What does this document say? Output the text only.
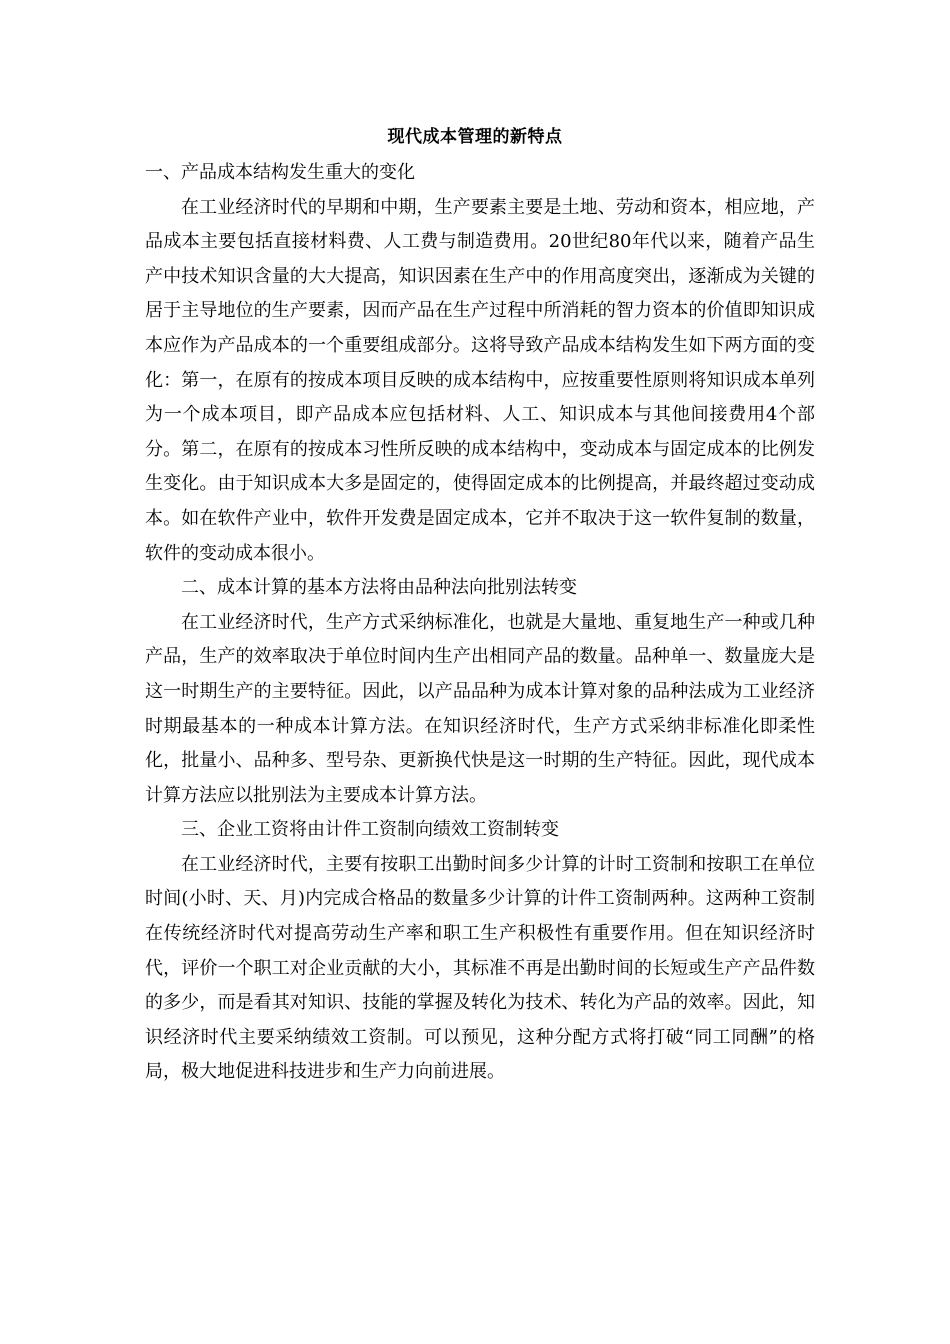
现代成本管理的新特点

一、产品成本结构发生重大的变化

在工业经济时代的早期和中期，生产要素主要是土地、劳动和资本，相应地，产品成本主要包括直接材料费、人工费与制造费用。20世纪80年代以来，随着产品生产中技术知识含量的大大提高，知识因素在生产中的作用高度突出，逐渐成为关键的居于主导地位的生产要素，因而产品在生产过程中所消耗的智力资本的价值即知识成本应作为产品成本的一个重要组成部分。这将导致产品成本结构发生如下两方面的变化：第一，在原有的按成本项目反映的成本结构中，应按重要性原则将知识成本单列为一个成本项目，即产品成本应包括材料、人工、知识成本与其他间接费用4个部分。第二，在原有的按成本习性所反映的成本结构中，变动成本与固定成本的比例发生变化。由于知识成本大多是固定的，使得固定成本的比例提高，并最终超过变动成本。如在软件产业中，软件开发费是固定成本，它并不取决于这一软件复制的数量，软件的变动成本很小。

二、成本计算的基本方法将由品种法向批别法转变

在工业经济时代，生产方式采纳标准化，也就是大量地、重复地生产一种或几种产品，生产的效率取决于单位时间内生产出相同产品的数量。品种单一、数量庞大是这一时期生产的主要特征。因此，以产品品种为成本计算对象的品种法成为工业经济时期最基本的一种成本计算方法。在知识经济时代，生产方式采纳非标准化即柔性化，批量小、品种多、型号杂、更新换代快是这一时期的生产特征。因此，现代成本计算方法应以批别法为主要成本计算方法。

三、企业工资将由计件工资制向绩效工资制转变

在工业经济时代，主要有按职工出勤时间多少计算的计时工资制和按职工在单位时间(小时、天、月)内完成合格品的数量多少计算的计件工资制两种。这两种工资制在传统经济时代对提高劳动生产率和职工生产积极性有重要作用。但在知识经济时代，评价一个职工对企业贡献的大小，其标准不再是出勤时间的长短或生产产品件数的多少，而是看其对知识、技能的掌握及转化为技术、转化为产品的效率。因此，知识经济时代主要采纳绩效工资制。可以预见，这种分配方式将打破“同工同酬”的格局，极大地促进科技进步和生产力向前进展。
